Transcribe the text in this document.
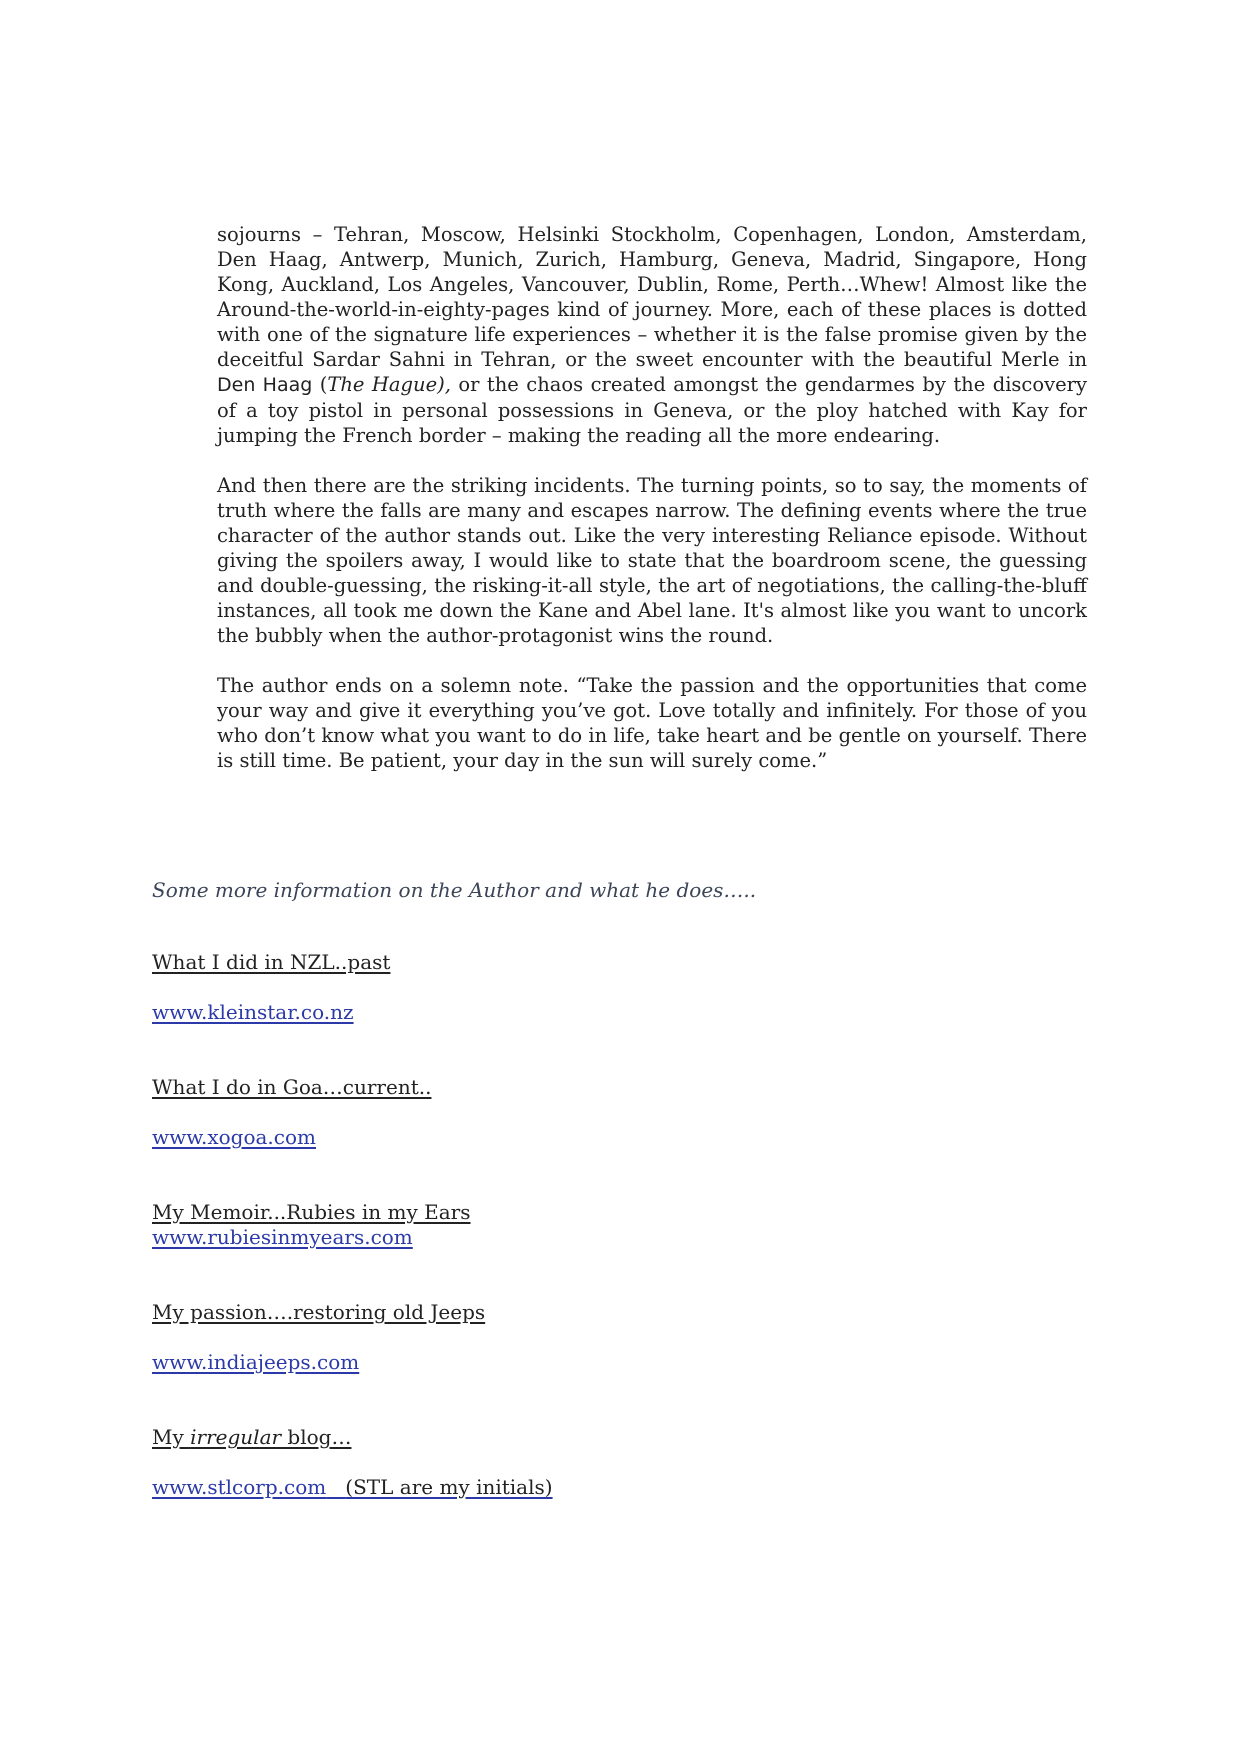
sojourns – Tehran, Moscow, Helsinki Stockholm, Copenhagen, London, Amsterdam, Den Haag, Antwerp, Munich, Zurich, Hamburg, Geneva, Madrid, Singapore, Hong Kong, Auckland, Los Angeles, Vancouver, Dublin, Rome, Perth…Whew! Almost like the Around-the-world-in-eighty-pages kind of journey. More, each of these places is dotted with one of the signature life experiences – whether it is the false promise given by the deceitful Sardar Sahni in Tehran, or the sweet encounter with the beautiful Merle in Den Haag (The Hague), or the chaos created amongst the gendarmes by the discovery of a toy pistol in personal possessions in Geneva, or the ploy hatched with Kay for jumping the French border – making the reading all the more endearing.

And then there are the striking incidents. The turning points, so to say, the moments of truth where the falls are many and escapes narrow. The defining events where the true character of the author stands out. Like the very interesting Reliance episode. Without giving the spoilers away, I would like to state that the boardroom scene, the guessing and double-guessing, the risking-it-all style, the art of negotiations, the calling-the-bluff instances, all took me down the Kane and Abel lane. It's almost like you want to uncork the bubbly when the author-protagonist wins the round.

The author ends on a solemn note. “Take the passion and the opportunities that come your way and give it everything you’ve got. Love totally and infinitely. For those of you who don’t know what you want to do in life, take heart and be gentle on yourself. There is still time. Be patient, your day in the sun will surely come.”

Some more information on the Author and what he does…..

What I did in NZL..past

www.kleinstar.co.nz

What I do in Goa…current..

www.xogoa.com

My Memoir...Rubies in my Ears

www.rubiesinmyears.com

My passion….restoring old Jeeps

www.indiajeeps.com

My irregular blog…

www.stlcorp.com (STL are my initials)
